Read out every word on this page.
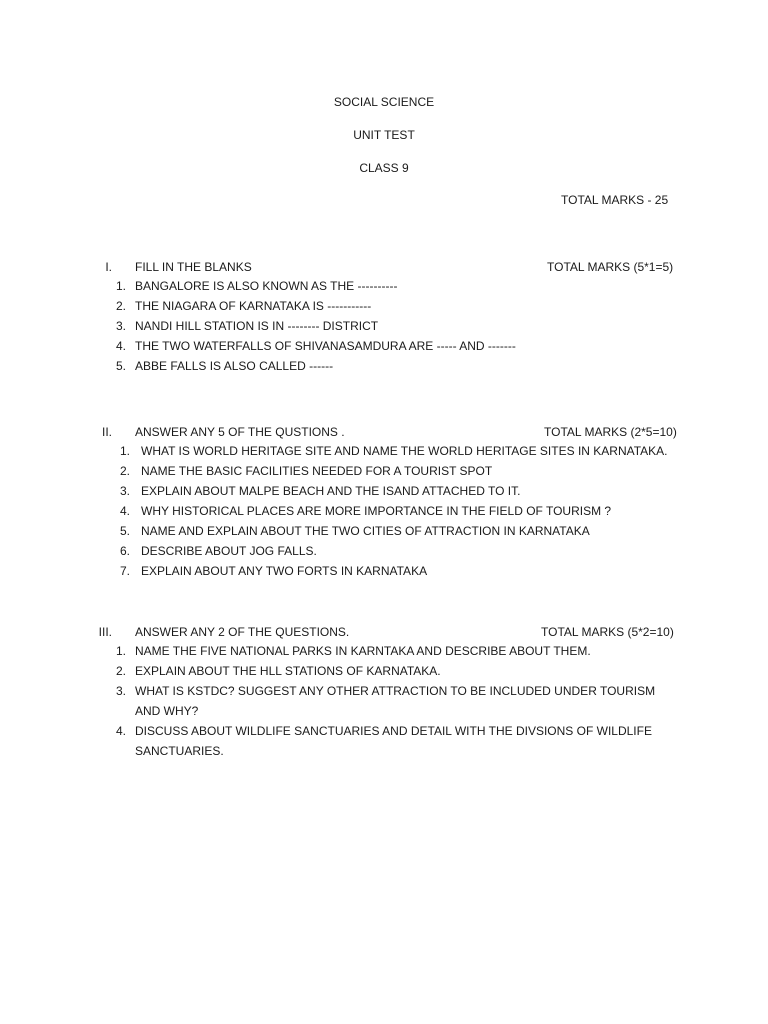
SOCIAL SCIENCE
UNIT TEST
CLASS 9
TOTAL MARKS - 25
I. FILL IN THE BLANKS	TOTAL MARKS (5*1=5)
1. BANGALORE IS ALSO KNOWN AS THE ----------
2. THE NIAGARA OF KARNATAKA IS -----------
3. NANDI HILL STATION IS IN -------- DISTRICT
4. THE TWO WATERFALLS OF SHIVANASAMDURA ARE ----- AND -------
5. ABBE FALLS IS ALSO CALLED ------
II. ANSWER ANY 5 OF THE QUSTIONS .	TOTAL MARKS (2*5=10)
1. WHAT IS WORLD HERITAGE SITE AND NAME THE WORLD HERITAGE SITES IN KARNATAKA.
2. NAME THE BASIC FACILITIES NEEDED FOR A TOURIST SPOT
3. EXPLAIN ABOUT MALPE BEACH AND THE ISAND ATTACHED TO IT.
4. WHY HISTORICAL PLACES ARE MORE IMPORTANCE IN THE FIELD OF TOURISM ?
5. NAME AND EXPLAIN ABOUT THE TWO CITIES OF ATTRACTION IN KARNATAKA
6. DESCRIBE ABOUT JOG FALLS.
7. EXPLAIN ABOUT ANY TWO FORTS IN KARNATAKA
III. ANSWER ANY 2 OF THE QUESTIONS.	TOTAL MARKS (5*2=10)
1. NAME THE FIVE NATIONAL PARKS IN KARNTAKA AND DESCRIBE ABOUT THEM.
2. EXPLAIN ABOUT THE HLL STATIONS OF KARNATAKA.
3. WHAT IS KSTDC? SUGGEST ANY OTHER ATTRACTION TO BE INCLUDED UNDER TOURISM AND WHY?
4. DISCUSS ABOUT WILDLIFE SANCTUARIES AND DETAIL WITH THE DIVSIONS OF WILDLIFE SANCTUARIES.
